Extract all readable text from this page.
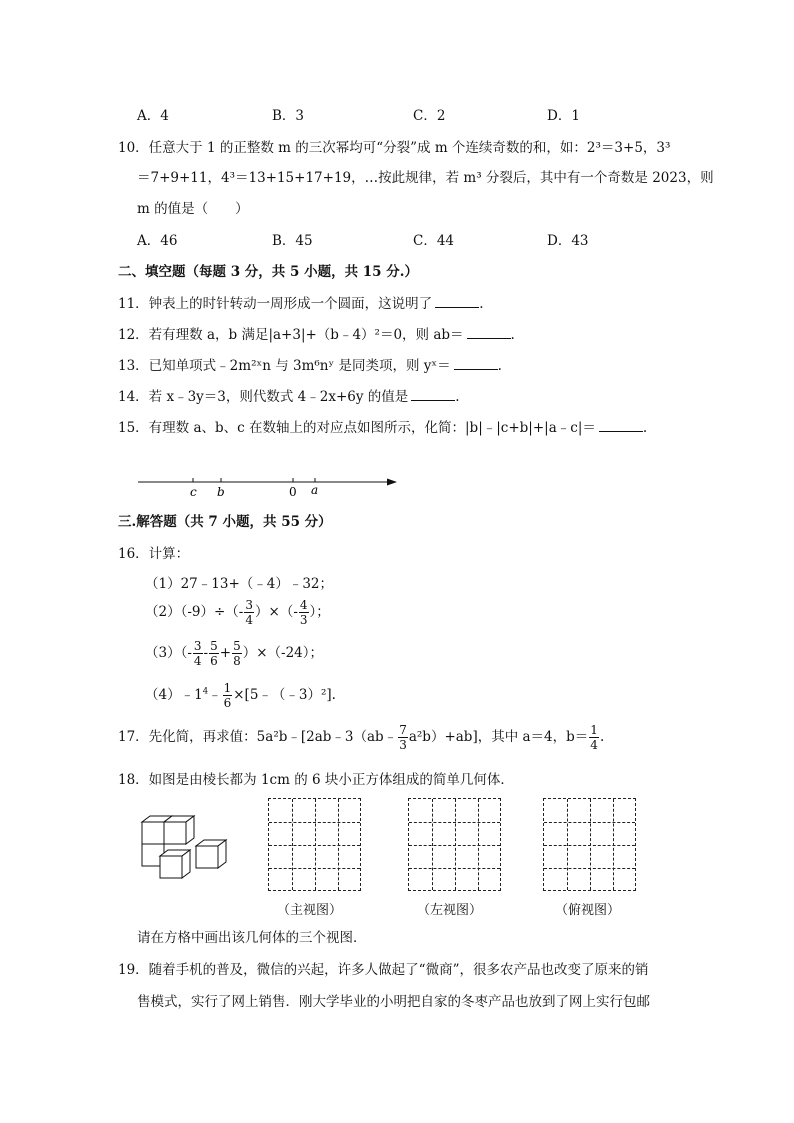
A．4	B．3	C．2	D．1
10．任意大于 1 的正整数 m 的三次幂均可“分裂”成 m 个连续奇数的和，如：2³＝3+5，3³
＝7+9+11，4³＝13+15+17+19，…按此规律，若 m³ 分裂后，其中有一个奇数是 2023，则
m 的值是（　　）
A．46	B．45	C．44	D．43
二、填空题（每题 3 分，共 5 小题，共 15 分.）
11．钟表上的时针转动一周形成一个圆面，这说明了	.
12．若有理数 a，b 满足|a+3|+（b﹣4）²＝0，则 ab＝	.
13．已知单项式﹣2m²ˣn 与 3m⁶nʸ 是同类项，则 yˣ＝	.
14．若 x﹣3y＝3，则代数式 4﹣2x+6y 的值是	.
15．有理数 a、b、c 在数轴上的对应点如图所示，化简：|b|﹣|c+b|+|a﹣c|＝	.
c b	0 a
三.解答题（共 7 小题，共 55 分）
16．计算：
（1）27﹣13+（﹣4）﹣32；
$(2)(-9)\div(- \frac{3}{4}$ ）×（- $\frac{4}{3}$ ）；
$(3)(- \frac{3}{4} - \frac{5}{6} + \frac{5}{8} )\times(-24)$；
$(4)﹣1^4﹣ \frac{1}{6}$ ×[5﹣（﹣3）²].
17．先化简，再求值：5a²b﹣[2ab﹣3（ab﹣ $\frac{7}{3} a^2b)+ab$]，其中 a＝4，$b= \frac{1}{4}$ .
18．如图是由棱长都为 1cm 的 6 块小正方体组成的简单几何体．
（主视图）	（左视图）	（俯视图）
请在方格中画出该几何体的三个视图．
19．随着手机的普及，微信的兴起，许多人做起了“微商”，很多农产品也改变了原来的销
售模式，实行了网上销售．刚大学毕业的小明把自家的冬枣产品也放到了网上实行包邮
